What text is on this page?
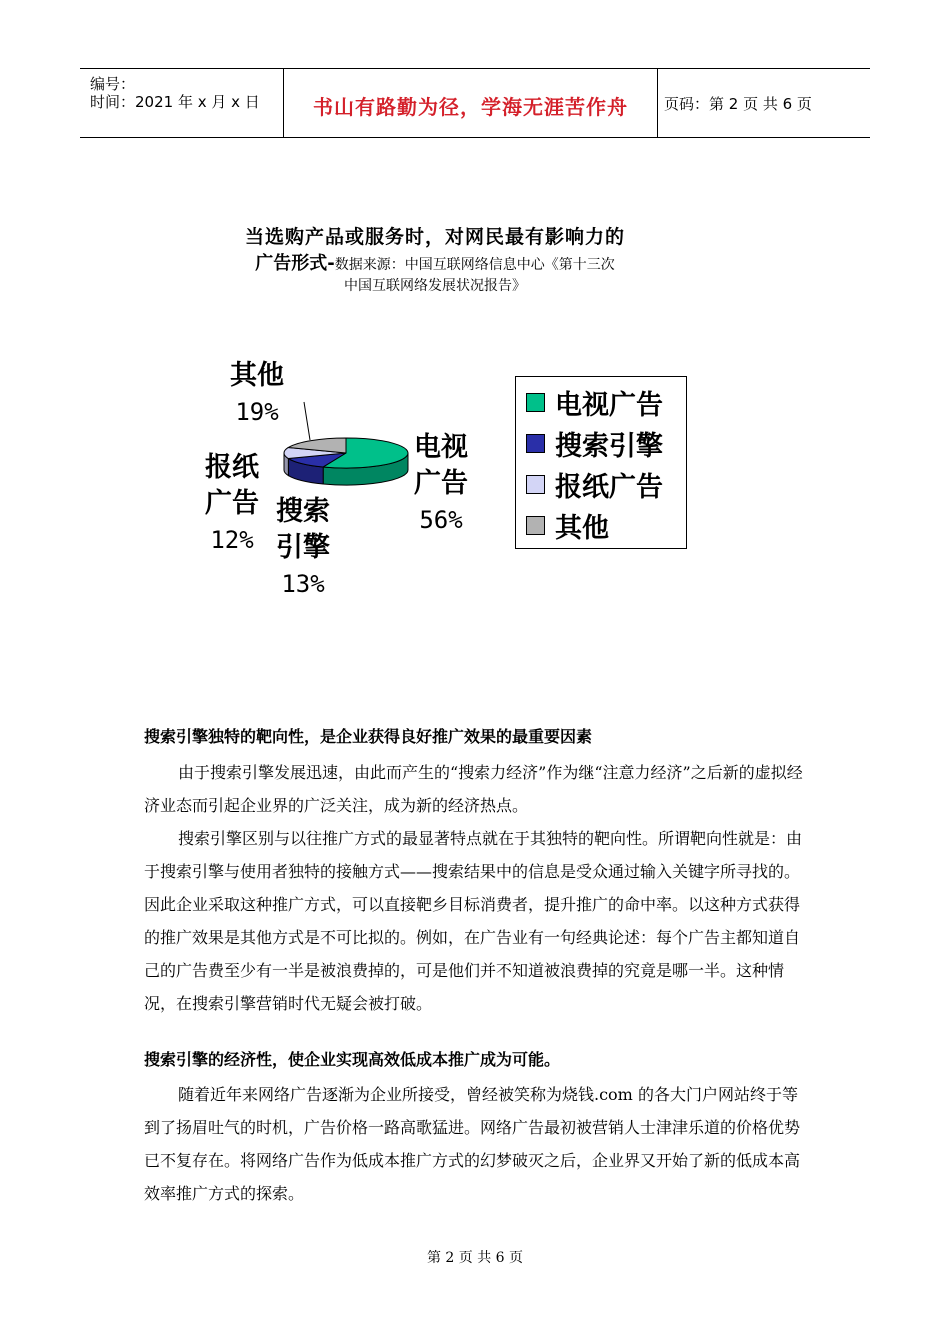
编号：
时间：2021 年 x 月 x 日	书山有路勤为径，学海无涯苦作舟	页码：第 2 页 共 6 页
当选购产品或服务时，对网民最有影响力的
广告形式-数据来源：中国互联网络信息中心《第十三次
中国互联网络发展状况报告》
其他
19%
报纸
广告
12%
搜索
引擎
13%
电视
广告
56%
电视广告
搜索引擎
报纸广告
其他

搜索引擎独特的靶向性，是企业获得良好推广效果的最重要因素

由于搜索引擎发展迅速，由此而产生的“搜索力经济”作为继“注意力经济”之后新的虚拟经济业态而引起企业界的广泛关注，成为新的经济热点。

搜索引擎区别与以往推广方式的最显著特点就在于其独特的靶向性。所谓靶向性就是：由于搜索引擎与使用者独特的接触方式——搜索结果中的信息是受众通过输入关键字所寻找的。因此企业采取这种推广方式，可以直接靶乡目标消费者，提升推广的命中率。以这种方式获得的推广效果是其他方式是不可比拟的。例如，在广告业有一句经典论述：每个广告主都知道自己的广告费至少有一半是被浪费掉的，可是他们并不知道被浪费掉的究竟是哪一半。这种情况，在搜索引擎营销时代无疑会被打破。

搜索引擎的经济性，使企业实现高效低成本推广成为可能。

随着近年来网络广告逐渐为企业所接受，曾经被笑称为烧钱.com 的各大门户网站终于等到了扬眉吐气的时机，广告价格一路高歌猛进。网络广告最初被营销人士津津乐道的价格优势已不复存在。将网络广告作为低成本推广方式的幻梦破灭之后，企业界又开始了新的低成本高效率推广方式的探索。

第 2 页 共 6 页
